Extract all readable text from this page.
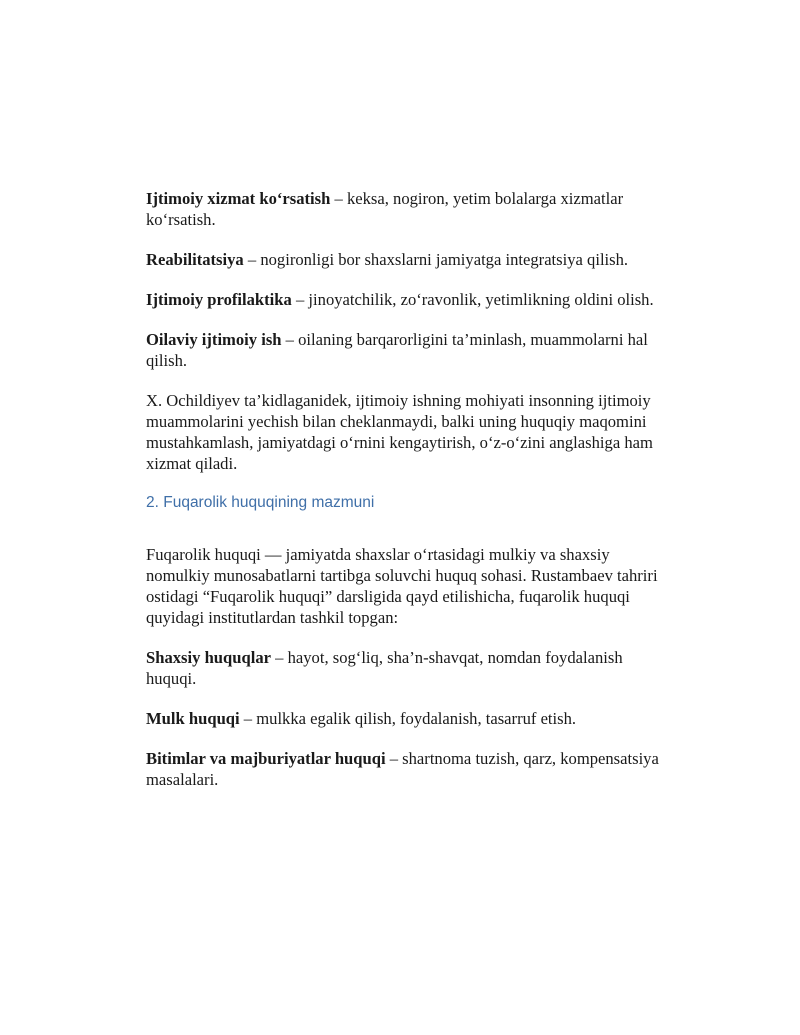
Ijtimoiy xizmat ko‘rsatish – keksa, nogiron, yetim bolalarga xizmatlar ko‘rsatish.

Reabilitatsiya – nogironligi bor shaxslarni jamiyatga integratsiya qilish.

Ijtimoiy profilaktika – jinoyatchilik, zo‘ravonlik, yetimlikning oldini olish.

Oilaviy ijtimoiy ish – oilaning barqarorligini ta’minlash, muammolarni hal qilish.

X. Ochildiyev ta’kidlaganidek, ijtimoiy ishning mohiyati insonning ijtimoiy muammolarini yechish bilan cheklanmaydi, balki uning huquqiy maqomini mustahkamlash, jamiyatdagi o‘rnini kengaytirish, o‘z-o‘zini anglashiga ham xizmat qiladi.

2. Fuqarolik huquqining mazmuni

Fuqarolik huquqi — jamiyatda shaxslar o‘rtasidagi mulkiy va shaxsiy nomulkiy munosabatlarni tartibga soluvchi huquq sohasi. Rustambaev tahriri ostidagi “Fuqarolik huquqi” darsligida qayd etilishicha, fuqarolik huquqi quyidagi institutlardan tashkil topgan:

Shaxsiy huquqlar – hayot, sog‘liq, sha’n-shavqat, nomdan foydalanish huquqi.

Mulk huquqi – mulkka egalik qilish, foydalanish, tasarruf etish.

Bitimlar va majburiyatlar huquqi – shartnoma tuzish, qarz, kompensatsiya masalalari.
